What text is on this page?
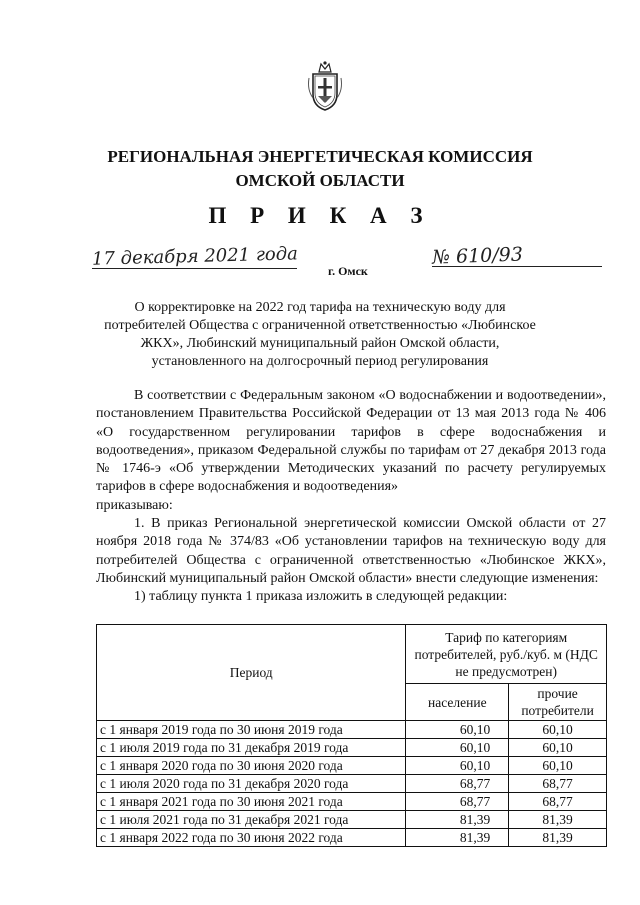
РЕГИОНАЛЬНАЯ ЭНЕРГЕТИЧЕСКАЯ КОМИССИЯ
ОМСКОЙ ОБЛАСТИ
П Р И К А З
17 декабря 2021 года
г. Омск
№ 610/93
О корректировке на 2022 год тарифа на техническую воду для потребителей Общества с ограниченной ответственностью «Любинское ЖКХ», Любинский муниципальный район Омской области, установленного на долгосрочный период регулирования

В соответствии с Федеральным законом «О водоснабжении и водоотведении», постановлением Правительства Российской Федерации от 13 мая 2013 года № 406 «О государственном регулировании тарифов в сфере водоснабжения и водоотведения», приказом Федеральной службы по тарифам от 27 декабря 2013 года № 1746-э «Об утверждении Методических указаний по расчету регулируемых тарифов в сфере водоснабжения и водоотведения»

приказываю:

1. В приказ Региональной энергетической комиссии Омской области от 27 ноября 2018 года № 374/83 «Об установлении тарифов на техническую воду для потребителей Общества с ограниченной ответственностью «Любинское ЖКХ», Любинский муниципальный район Омской области» внести следующие изменения:

1) таблицу пункта 1 приказа изложить в следующей редакции:

Период	Тариф по категориям потребителей, руб./куб. м (НДС не предусмотрен)	
	население	прочие потребители
с 1 января 2019 года по 30 июня 2019 года	60,10	60,10
с 1 июля 2019 года по 31 декабря 2019 года	60,10	60,10
с 1 января 2020 года по 30 июня 2020 года	60,10	60,10
с 1 июля 2020 года по 31 декабря 2020 года	68,77	68,77
с 1 января 2021 года по 30 июня 2021 года	68,77	68,77
с 1 июля 2021 года по 31 декабря 2021 года	81,39	81,39
с 1 января 2022 года по 30 июня 2022 года	81,39	81,39
